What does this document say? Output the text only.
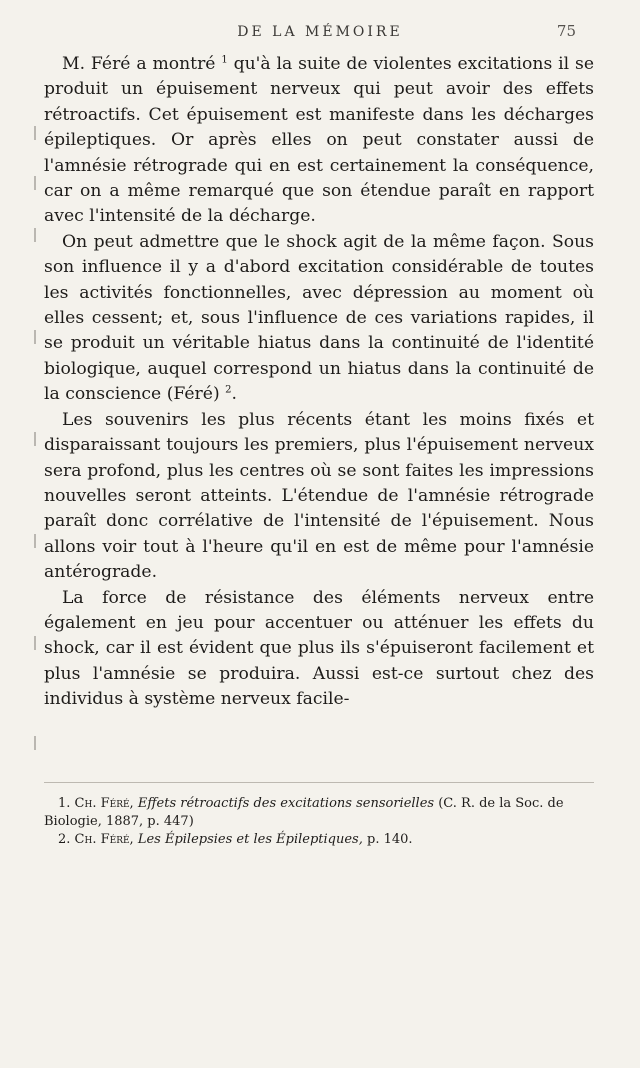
DE LA MÉMOIRE	75

M. Féré a montré $^1$ qu'à la suite de violentes excitations il se produit un épuisement nerveux qui peut avoir des effets rétroactifs. Cet épuisement est manifeste dans les décharges épileptiques. Or après elles on peut constater aussi de l'amnésie rétrograde qui en est certainement la conséquence, car on a même remarqué que son étendue paraît en rapport avec l'intensité de la décharge.

On peut admettre que le shock agit de la même façon. Sous son influence il y a d'abord excitation considérable de toutes les activités fonctionnelles, avec dépression au moment où elles cessent; et, sous l'influence de ces variations rapides, il se produit un véritable hiatus dans la continuité de l'identité biologique, auquel correspond un hiatus dans la continuité de la conscience (Féré) $^2$.

Les souvenirs les plus récents étant les moins fixés et disparaissant toujours les premiers, plus l'épuisement nerveux sera profond, plus les centres où se sont faites les impressions nouvelles seront atteints. L'étendue de l'amnésie rétrograde paraît donc corrélative de l'intensité de l'épuisement. Nous allons voir tout à l'heure qu'il en est de même pour l'amnésie antérograde.

La force de résistance des éléments nerveux entre également en jeu pour accentuer ou atténuer les effets du shock, car il est évident que plus ils s'épuiseront facilement et plus l'amnésie se produira. Aussi est-ce surtout chez des individus à système nerveux facile-

1. Ch. Féré, Effets rétroactifs des excitations sensorielles (C. R. de la Soc. de Biologie, 1887, p. 447)

2. Ch. Féré, Les Épilepsies et les Épileptiques, p. 140.
